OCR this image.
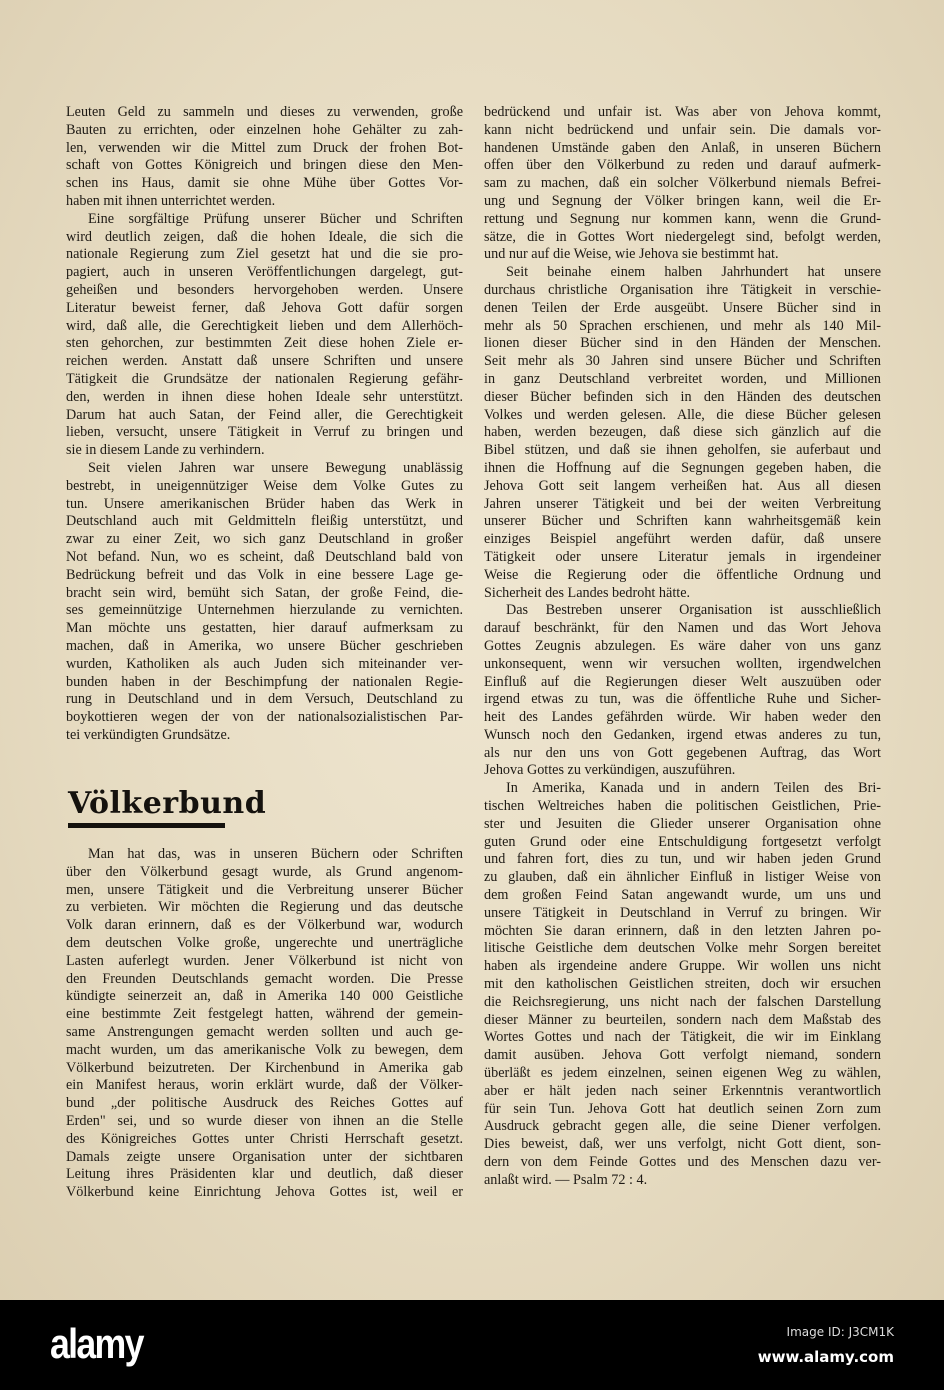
Leuten Geld zu sammeln und dieses zu verwenden, große
Bauten zu errichten, oder einzelnen hohe Gehälter zu zah-
len, verwenden wir die Mittel zum Druck der frohen Bot-
schaft von Gottes Königreich und bringen diese den Men-
schen ins Haus, damit sie ohne Mühe über Gottes Vor-
haben mit ihnen unterrichtet werden.
Eine sorgfältige Prüfung unserer Bücher und Schriften
wird deutlich zeigen, daß die hohen Ideale, die sich die
nationale Regierung zum Ziel gesetzt hat und die sie pro-
pagiert, auch in unseren Veröffentlichungen dargelegt, gut-
geheißen und besonders hervorgehoben werden. Unsere
Literatur beweist ferner, daß Jehova Gott dafür sorgen
wird, daß alle, die Gerechtigkeit lieben und dem Allerhöch-
sten gehorchen, zur bestimmten Zeit diese hohen Ziele er-
reichen werden. Anstatt daß unsere Schriften und unsere
Tätigkeit die Grundsätze der nationalen Regierung gefähr-
den, werden in ihnen diese hohen Ideale sehr unterstützt.
Darum hat auch Satan, der Feind aller, die Gerechtigkeit
lieben, versucht, unsere Tätigkeit in Verruf zu bringen und
sie in diesem Lande zu verhindern.
Seit vielen Jahren war unsere Bewegung unablässig
bestrebt, in uneigennütziger Weise dem Volke Gutes zu
tun. Unsere amerikanischen Brüder haben das Werk in
Deutschland auch mit Geldmitteln fleißig unterstützt, und
zwar zu einer Zeit, wo sich ganz Deutschland in großer
Not befand. Nun, wo es scheint, daß Deutschland bald von
Bedrückung befreit und das Volk in eine bessere Lage ge-
bracht sein wird, bemüht sich Satan, der große Feind, die-
ses gemeinnützige Unternehmen hierzulande zu vernichten.
Man möchte uns gestatten, hier darauf aufmerksam zu
machen, daß in Amerika, wo unsere Bücher geschrieben
wurden, Katholiken als auch Juden sich miteinander ver-
bunden haben in der Beschimpfung der nationalen Regie-
rung in Deutschland und in dem Versuch, Deutschland zu
boykottieren wegen der von der nationalsozialistischen Par-
tei verkündigten Grundsätze.
Völkerbund
Man hat das, was in unseren Büchern oder Schriften
über den Völkerbund gesagt wurde, als Grund angenom-
men, unsere Tätigkeit und die Verbreitung unserer Bücher
zu verbieten. Wir möchten die Regierung und das deutsche
Volk daran erinnern, daß es der Völkerbund war, wodurch
dem deutschen Volke große, ungerechte und unerträgliche
Lasten auferlegt wurden. Jener Völkerbund ist nicht von
den Freunden Deutschlands gemacht worden. Die Presse
kündigte seinerzeit an, daß in Amerika 140 000 Geistliche
eine bestimmte Zeit festgelegt hatten, während der gemein-
same Anstrengungen gemacht werden sollten und auch ge-
macht wurden, um das amerikanische Volk zu bewegen, dem
Völkerbund beizutreten. Der Kirchenbund in Amerika gab
ein Manifest heraus, worin erklärt wurde, daß der Völker-
bund „der politische Ausdruck des Reiches Gottes auf
Erden" sei, und so wurde dieser von ihnen an die Stelle
des Königreiches Gottes unter Christi Herrschaft gesetzt.
Damals zeigte unsere Organisation unter der sichtbaren
Leitung ihres Präsidenten klar und deutlich, daß dieser
Völkerbund keine Einrichtung Jehova Gottes ist, weil er
bedrückend und unfair ist. Was aber von Jehova kommt,
kann nicht bedrückend und unfair sein. Die damals vor-
handenen Umstände gaben den Anlaß, in unseren Büchern
offen über den Völkerbund zu reden und darauf aufmerk-
sam zu machen, daß ein solcher Völkerbund niemals Befrei-
ung und Segnung der Völker bringen kann, weil die Er-
rettung und Segnung nur kommen kann, wenn die Grund-
sätze, die in Gottes Wort niedergelegt sind, befolgt werden,
und nur auf die Weise, wie Jehova sie bestimmt hat.
Seit beinahe einem halben Jahrhundert hat unsere
durchaus christliche Organisation ihre Tätigkeit in verschie-
denen Teilen der Erde ausgeübt. Unsere Bücher sind in
mehr als 50 Sprachen erschienen, und mehr als 140 Mil-
lionen dieser Bücher sind in den Händen der Menschen.
Seit mehr als 30 Jahren sind unsere Bücher und Schriften
in ganz Deutschland verbreitet worden, und Millionen
dieser Bücher befinden sich in den Händen des deutschen
Volkes und werden gelesen. Alle, die diese Bücher gelesen
haben, werden bezeugen, daß diese sich gänzlich auf die
Bibel stützen, und daß sie ihnen geholfen, sie auferbaut und
ihnen die Hoffnung auf die Segnungen gegeben haben, die
Jehova Gott seit langem verheißen hat. Aus all diesen
Jahren unserer Tätigkeit und bei der weiten Verbreitung
unserer Bücher und Schriften kann wahrheitsgemäß kein
einziges Beispiel angeführt werden dafür, daß unsere
Tätigkeit oder unsere Literatur jemals in irgendeiner
Weise die Regierung oder die öffentliche Ordnung und
Sicherheit des Landes bedroht hätte.
Das Bestreben unserer Organisation ist ausschließlich
darauf beschränkt, für den Namen und das Wort Jehova
Gottes Zeugnis abzulegen. Es wäre daher von uns ganz
unkonsequent, wenn wir versuchen wollten, irgendwelchen
Einfluß auf die Regierungen dieser Welt auszuüben oder
irgend etwas zu tun, was die öffentliche Ruhe und Sicher-
heit des Landes gefährden würde. Wir haben weder den
Wunsch noch den Gedanken, irgend etwas anderes zu tun,
als nur den uns von Gott gegebenen Auftrag, das Wort
Jehova Gottes zu verkündigen, auszuführen.
In Amerika, Kanada und in andern Teilen des Bri-
tischen Weltreiches haben die politischen Geistlichen, Prie-
ster und Jesuiten die Glieder unserer Organisation ohne
guten Grund oder eine Entschuldigung fortgesetzt verfolgt
und fahren fort, dies zu tun, und wir haben jeden Grund
zu glauben, daß ein ähnlicher Einfluß in listiger Weise von
dem großen Feind Satan angewandt wurde, um uns und
unsere Tätigkeit in Deutschland in Verruf zu bringen. Wir
möchten Sie daran erinnern, daß in den letzten Jahren po-
litische Geistliche dem deutschen Volke mehr Sorgen bereitet
haben als irgendeine andere Gruppe. Wir wollen uns nicht
mit den katholischen Geistlichen streiten, doch wir ersuchen
die Reichsregierung, uns nicht nach der falschen Darstellung
dieser Männer zu beurteilen, sondern nach dem Maßstab des
Wortes Gottes und nach der Tätigkeit, die wir im Einklang
damit ausüben. Jehova Gott verfolgt niemand, sondern
überläßt es jedem einzelnen, seinen eigenen Weg zu wählen,
aber er hält jeden nach seiner Erkenntnis verantwortlich
für sein Tun. Jehova Gott hat deutlich seinen Zorn zum
Ausdruck gebracht gegen alle, die seine Diener verfolgen.
Dies beweist, daß, wer uns verfolgt, nicht Gott dient, son-
dern von dem Feinde Gottes und des Menschen dazu ver-
anlaßt wird. — Psalm 72 : 4.
alamy	Image ID: J3CM1K
www.alamy.com
